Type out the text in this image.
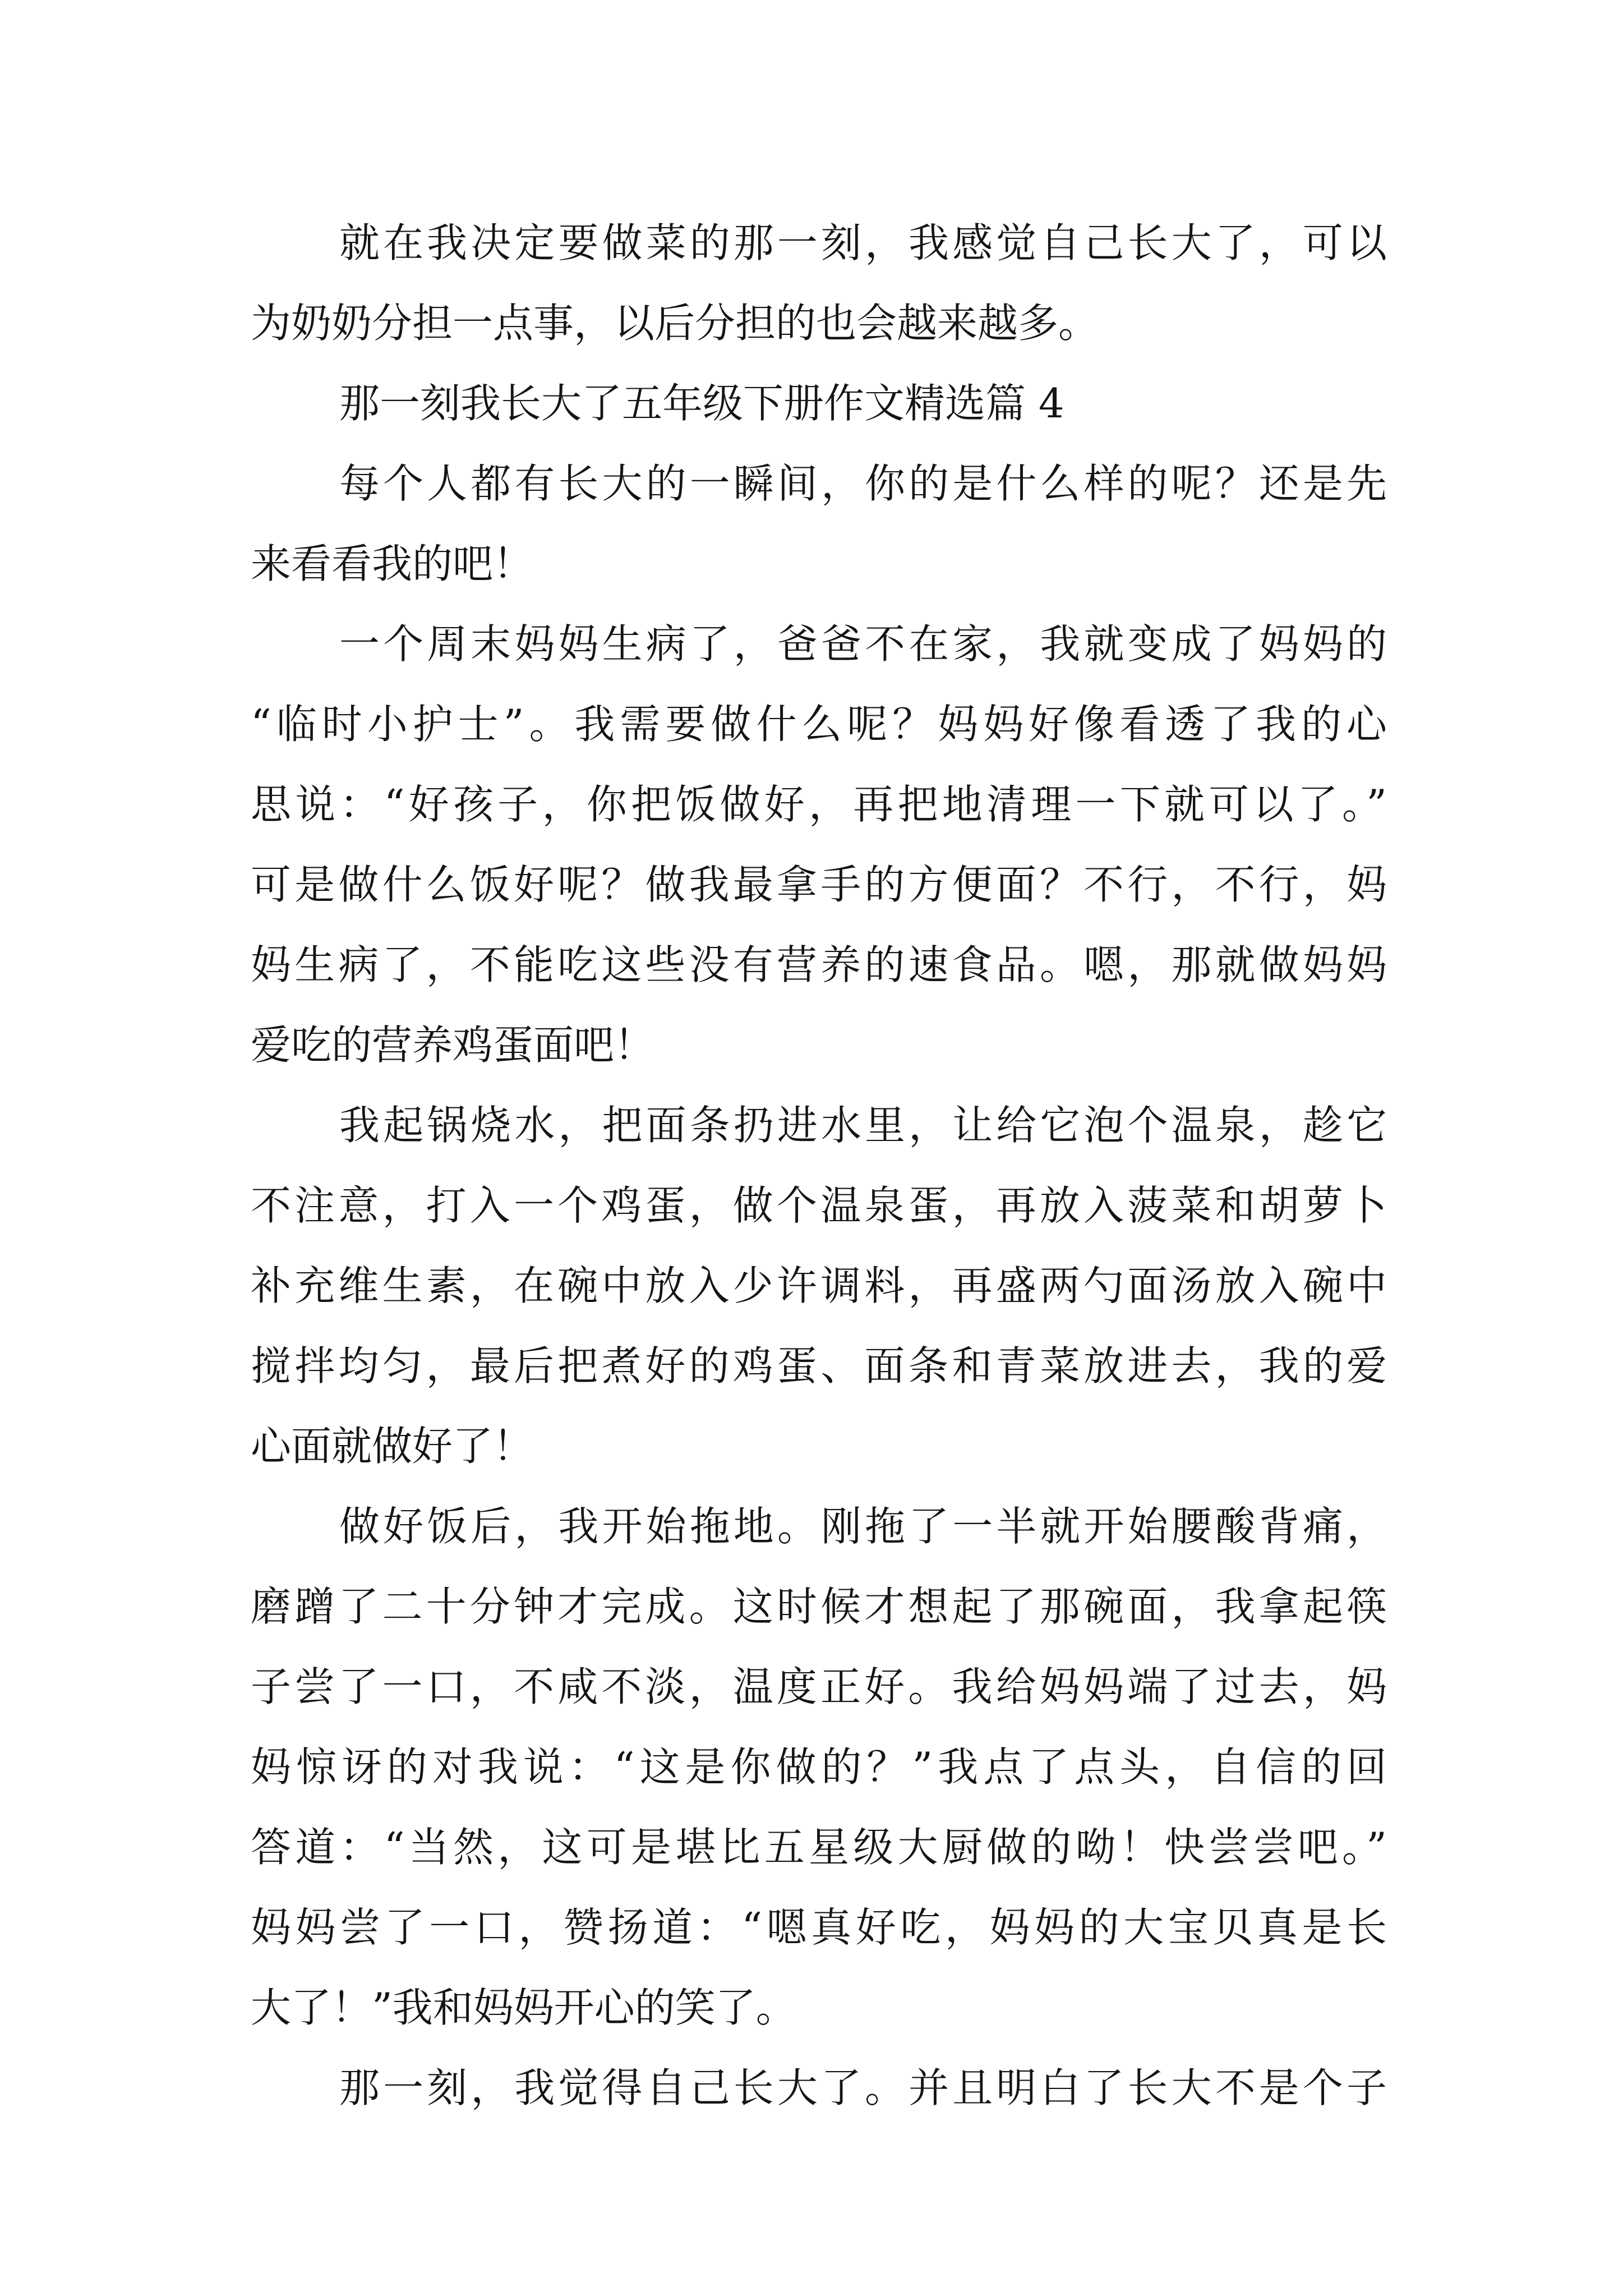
就在我决定要做菜的那一刻，我感觉自己长大了，可以
为奶奶分担一点事，以后分担的也会越来越多。
那一刻我长大了五年级下册作文精选篇 4
每个人都有长大的一瞬间，你的是什么样的呢？还是先
来看看我的吧！
一个周末妈妈生病了，爸爸不在家，我就变成了妈妈的
“临时小护士”。我需要做什么呢？妈妈好像看透了我的心
思说：“好孩子，你把饭做好，再把地清理一下就可以了。”
可是做什么饭好呢？做我最拿手的方便面？不行，不行，妈
妈生病了，不能吃这些没有营养的速食品。嗯，那就做妈妈
爱吃的营养鸡蛋面吧！
我起锅烧水，把面条扔进水里，让给它泡个温泉，趁它
不注意，打入一个鸡蛋，做个温泉蛋，再放入菠菜和胡萝卜
补充维生素，在碗中放入少许调料，再盛两勺面汤放入碗中
搅拌均匀，最后把煮好的鸡蛋、面条和青菜放进去，我的爱
心面就做好了！
做好饭后，我开始拖地。刚拖了一半就开始腰酸背痛，
磨蹭了二十分钟才完成。这时候才想起了那碗面，我拿起筷
子尝了一口，不咸不淡，温度正好。我给妈妈端了过去，妈
妈惊讶的对我说：“这是你做的？”我点了点头，自信的回
答道：“当然，这可是堪比五星级大厨做的呦！快尝尝吧。”
妈妈尝了一口，赞扬道：“嗯真好吃，妈妈的大宝贝真是长
大了！”我和妈妈开心的笑了。
那一刻，我觉得自己长大了。并且明白了长大不是个子
